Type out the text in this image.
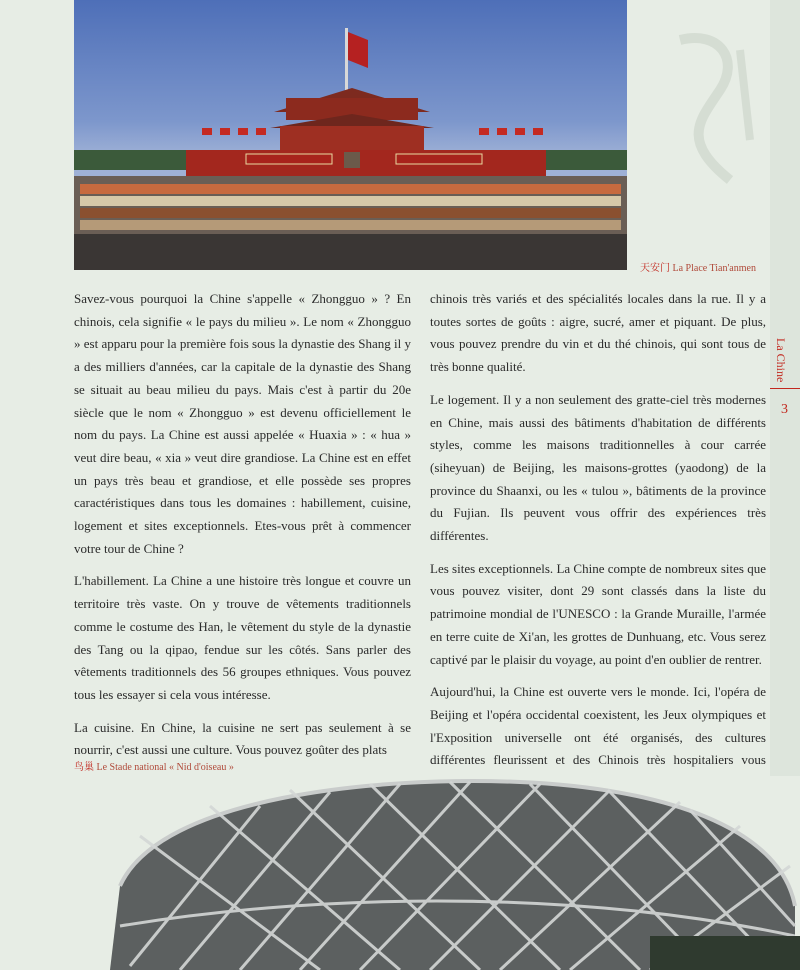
天安门 La Place Tian'anmen
La Chine
3

Savez-vous pourquoi la Chine s'appelle « Zhongguo » ? En chinois, cela signifie « le pays du milieu ». Le nom « Zhongguo » est apparu pour la première fois sous la dynastie des Shang il y a des milliers d'années, car la capitale de la dynastie des Shang se situait au beau milieu du pays. Mais c'est à partir du 20e siècle que le nom « Zhongguo » est devenu officiellement le nom du pays. La Chine est aussi appelée « Huaxia » : « hua » veut dire beau, « xia » veut dire grandiose. La Chine est en effet un pays très beau et grandiose, et elle possède ses propres caractéristiques dans tous les domaines : habillement, cuisine, logement et sites exceptionnels. Etes-vous prêt à commencer votre tour de Chine ?

L'habillement. La Chine a une histoire très longue et couvre un territoire très vaste. On y trouve de vêtements traditionnels comme le costume des Han, le vêtement du style de la dynastie des Tang ou la qipao, fendue sur les côtés. Sans parler des vêtements traditionnels des 56 groupes ethniques. Vous pouvez tous les essayer si cela vous intéresse.

La cuisine. En Chine, la cuisine ne sert pas seulement à se nourrir, c'est aussi une culture. Vous pouvez goûter des plats

chinois très variés et des spécialités locales dans la rue. Il y a toutes sortes de goûts : aigre, sucré, amer et piquant. De plus, vous pouvez prendre du vin et du thé chinois, qui sont tous de très bonne qualité.

Le logement. Il y a non seulement des gratte-ciel très modernes en Chine, mais aussi des bâtiments d'habitation de différents styles, comme les maisons traditionnelles à cour carrée (siheyuan) de Beijing, les maisons-grottes (yaodong) de la province du Shaanxi, ou les « tulou », bâtiments de la province du Fujian. Ils peuvent vous offrir des expériences très différentes.

Les sites exceptionnels. La Chine compte de nombreux sites que vous pouvez visiter, dont 29 sont classés dans la liste du patrimoine mondial de l'UNESCO : la Grande Muraille, l'armée en terre cuite de Xi'an, les grottes de Dunhuang, etc. Vous serez captivé par le plaisir du voyage, au point d'en oublier de rentrer.

Aujourd'hui, la Chine est ouverte vers le monde. Ici, l'opéra de Beijing et l'opéra occidental coexistent, les Jeux olympiques et l'Exposition universelle ont été organisés, des cultures différentes fleurissent et des Chinois très hospitaliers vous

鸟巢 Le Stade national « Nid d'oiseau »
